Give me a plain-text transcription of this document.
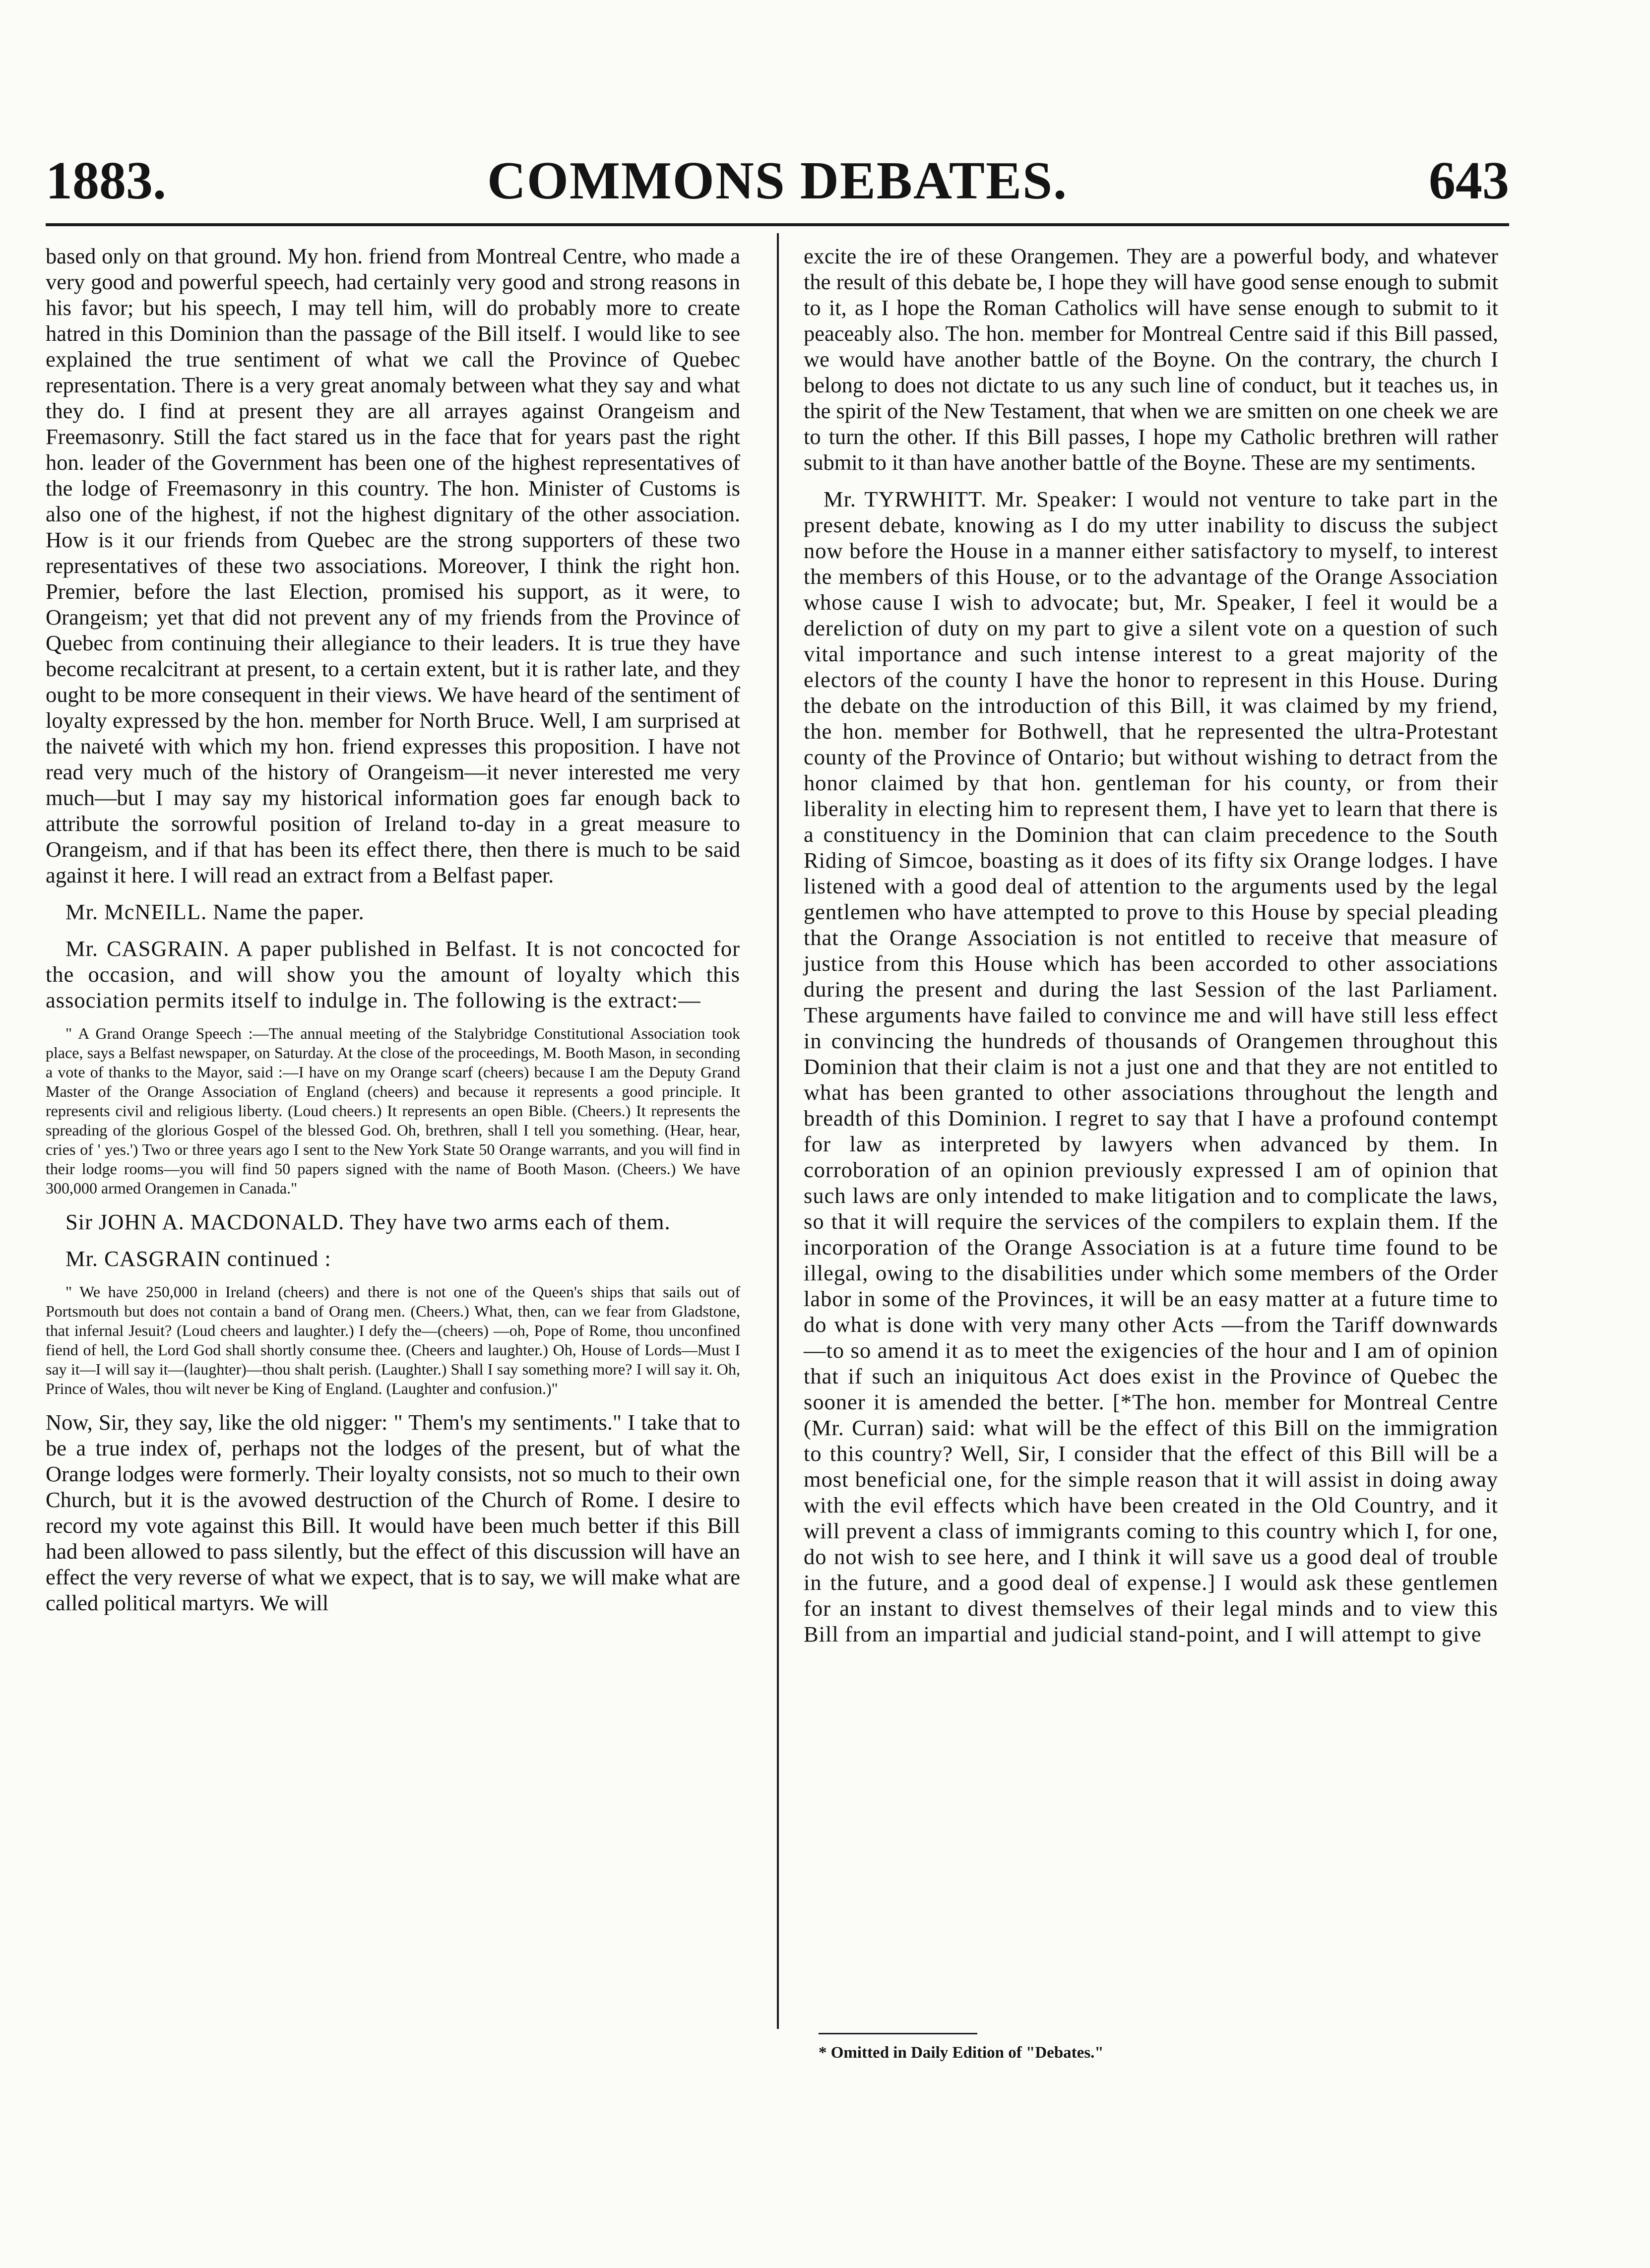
1883.	COMMONS DEBATES.	643

based only on that ground. My hon. friend from Montreal Centre, who made a very good and powerful speech, had certainly very good and strong reasons in his favor; but his speech, I may tell him, will do probably more to create hatred in this Dominion than the passage of the Bill itself. I would like to see explained the true sentiment of what we call the Province of Quebec representation. There is a very great anomaly between what they say and what they do. I find at present they are all arrayes against Orangeism and Freemasonry. Still the fact stared us in the face that for years past the right hon. leader of the Government has been one of the highest representatives of the lodge of Freemasonry in this country. The hon. Minister of Customs is also one of the highest, if not the highest dignitary of the other association. How is it our friends from Quebec are the strong supporters of these two representatives of these two associations. Moreover, I think the right hon. Premier, before the last Election, promised his support, as it were, to Orangeism; yet that did not prevent any of my friends from the Province of Quebec from continuing their allegiance to their leaders. It is true they have become recalcitrant at present, to a certain extent, but it is rather late, and they ought to be more consequent in their views. We have heard of the sentiment of loyalty expressed by the hon. member for North Bruce. Well, I am surprised at the naiveté with which my hon. friend expresses this proposition. I have not read very much of the history of Orangeism—it never interested me very much—but I may say my historical information goes far enough back to attribute the sorrowful position of Ireland to-day in a great measure to Orangeism, and if that has been its effect there, then there is much to be said against it here. I will read an extract from a Belfast paper.

Mr. McNEILL. Name the paper.

Mr. CASGRAIN. A paper published in Belfast. It is not concocted for the occasion, and will show you the amount of loyalty which this association permits itself to indulge in. The following is the extract:—

" A Grand Orange Speech :—The annual meeting of the Stalybridge Constitutional Association took place, says a Belfast newspaper, on Saturday. At the close of the proceedings, M. Booth Mason, in seconding a vote of thanks to the Mayor, said :—I have on my Orange scarf (cheers) because I am the Deputy Grand Master of the Orange Association of England (cheers) and because it represents a good principle. It represents civil and religious liberty. (Loud cheers.) It represents an open Bible. (Cheers.) It represents the spreading of the glorious Gospel of the blessed God. Oh, brethren, shall I tell you something. (Hear, hear, cries of ' yes.') Two or three years ago I sent to the New York State 50 Orange warrants, and you will find in their lodge rooms—you will find 50 papers signed with the name of Booth Mason. (Cheers.) We have 300,000 armed Orangemen in Canada."

Sir JOHN A. MACDONALD. They have two arms each of them.

Mr. CASGRAIN continued :

" We have 250,000 in Ireland (cheers) and there is not one of the Queen's ships that sails out of Portsmouth but does not contain a band of Orang men. (Cheers.) What, then, can we fear from Gladstone, that infernal Jesuit? (Loud cheers and laughter.) I defy the—(cheers) —oh, Pope of Rome, thou unconfined fiend of hell, the Lord God shall shortly consume thee. (Cheers and laughter.) Oh, House of Lords—Must I say it—I will say it—(laughter)—thou shalt perish. (Laughter.) Shall I say something more? I will say it. Oh, Prince of Wales, thou wilt never be King of England. (Laughter and confusion.)"

Now, Sir, they say, like the old nigger: " Them's my sentiments." I take that to be a true index of, perhaps not the lodges of the present, but of what the Orange lodges were formerly. Their loyalty consists, not so much to their own Church, but it is the avowed destruction of the Church of Rome. I desire to record my vote against this Bill. It would have been much better if this Bill had been allowed to pass silently, but the effect of this discussion will have an effect the very reverse of what we expect, that is to say, we will make what are called political martyrs. We will

excite the ire of these Orangemen. They are a powerful body, and whatever the result of this debate be, I hope they will have good sense enough to submit to it, as I hope the Roman Catholics will have sense enough to submit to it peaceably also. The hon. member for Montreal Centre said if this Bill passed, we would have another battle of the Boyne. On the contrary, the church I belong to does not dictate to us any such line of conduct, but it teaches us, in the spirit of the New Testament, that when we are smitten on one cheek we are to turn the other. If this Bill passes, I hope my Catholic brethren will rather submit to it than have another battle of the Boyne. These are my sentiments.

Mr. TYRWHITT. Mr. Speaker: I would not venture to take part in the present debate, knowing as I do my utter inability to discuss the subject now before the House in a manner either satisfactory to myself, to interest the members of this House, or to the advantage of the Orange Association whose cause I wish to advocate; but, Mr. Speaker, I feel it would be a dereliction of duty on my part to give a silent vote on a question of such vital importance and such intense interest to a great majority of the electors of the county I have the honor to represent in this House. During the debate on the introduction of this Bill, it was claimed by my friend, the hon. member for Bothwell, that he represented the ultra-Protestant county of the Province of Ontario; but without wishing to detract from the honor claimed by that hon. gentleman for his county, or from their liberality in electing him to represent them, I have yet to learn that there is a constituency in the Dominion that can claim precedence to the South Riding of Simcoe, boasting as it does of its fifty six Orange lodges. I have listened with a good deal of attention to the arguments used by the legal gentlemen who have attempted to prove to this House by special pleading that the Orange Association is not entitled to receive that measure of justice from this House which has been accorded to other associations during the present and during the last Session of the last Parliament. These arguments have failed to convince me and will have still less effect in convincing the hundreds of thousands of Orangemen throughout this Dominion that their claim is not a just one and that they are not entitled to what has been granted to other associations throughout the length and breadth of this Dominion. I regret to say that I have a profound contempt for law as interpreted by lawyers when advanced by them. In corroboration of an opinion previously expressed I am of opinion that such laws are only intended to make litigation and to complicate the laws, so that it will require the services of the compilers to explain them. If the incorporation of the Orange Association is at a future time found to be illegal, owing to the disabilities under which some members of the Order labor in some of the Provinces, it will be an easy matter at a future time to do what is done with very many other Acts —from the Tariff downwards—to so amend it as to meet the exigencies of the hour and I am of opinion that if such an iniquitous Act does exist in the Province of Quebec the sooner it is amended the better. [*The hon. member for Montreal Centre (Mr. Curran) said: what will be the effect of this Bill on the immigration to this country? Well, Sir, I consider that the effect of this Bill will be a most beneficial one, for the simple reason that it will assist in doing away with the evil effects which have been created in the Old Country, and it will prevent a class of immigrants coming to this country which I, for one, do not wish to see here, and I think it will save us a good deal of trouble in the future, and a good deal of expense.] I would ask these gentlemen for an instant to divest themselves of their legal minds and to view this Bill from an impartial and judicial stand-point, and I will attempt to give

* Omitted in Daily Edition of "Debates."
